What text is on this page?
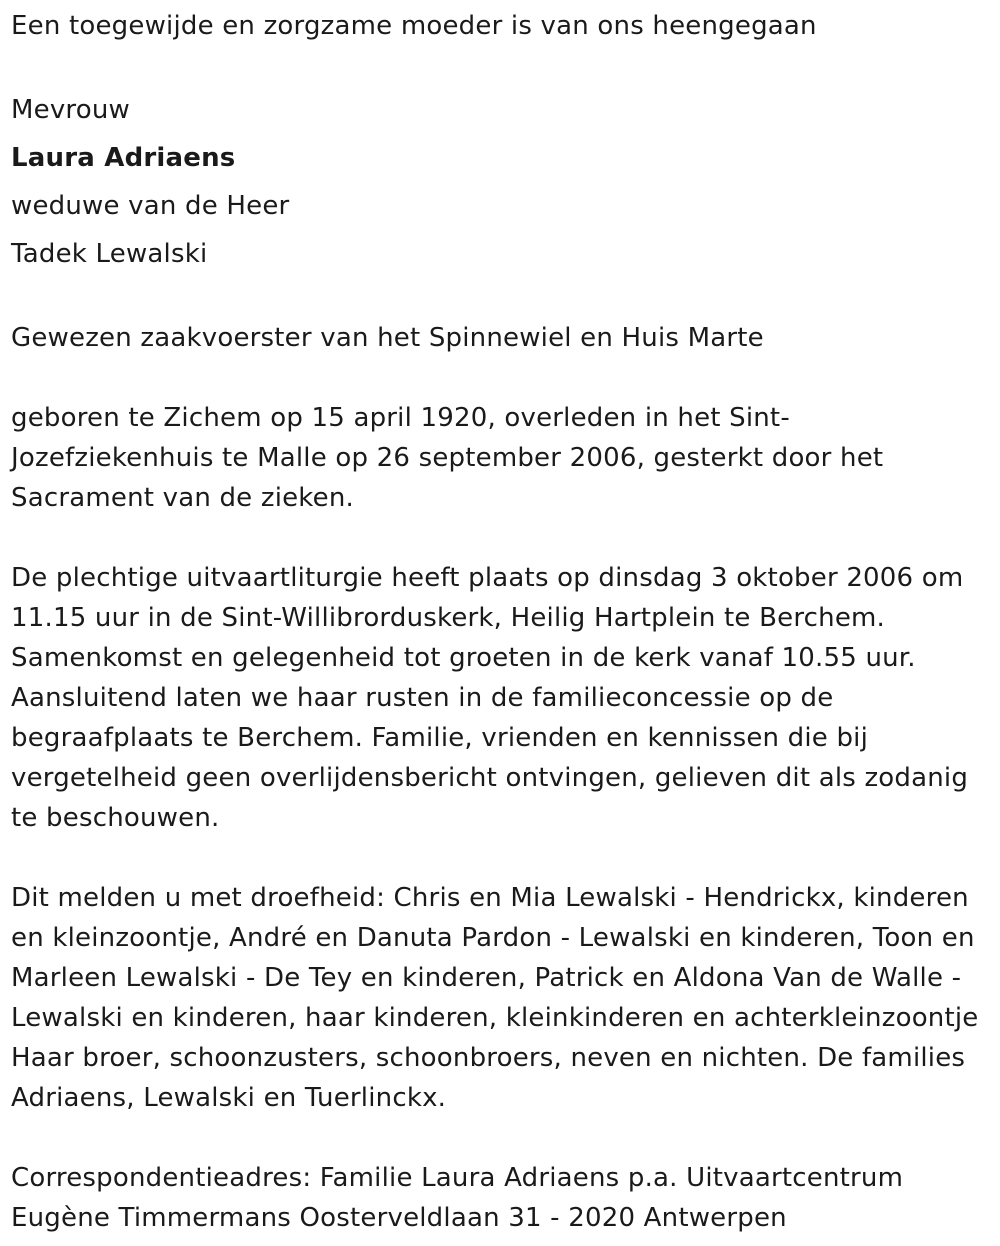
Een toegewijde en zorgzame moeder is van ons heengegaan

Mevrouw

Laura Adriaens

weduwe van de Heer

Tadek Lewalski

Gewezen zaakvoerster van het Spinnewiel en Huis Marte

geboren te Zichem op 15 april 1920, overleden in het Sint-Jozefziekenhuis te Malle op 26 september 2006, gesterkt door het Sacrament van de zieken.

De plechtige uitvaartliturgie heeft plaats op dinsdag 3 oktober 2006 om 11.15 uur in de Sint-Willibrorduskerk, Heilig Hartplein te Berchem. Samenkomst en gelegenheid tot groeten in de kerk vanaf 10.55 uur. Aansluitend laten we haar rusten in de familieconcessie op de begraafplaats te Berchem. Familie, vrienden en kennissen die bij vergetelheid geen overlijdensbericht ontvingen, gelieven dit als zodanig te beschouwen.

Dit melden u met droefheid: Chris en Mia Lewalski - Hendrickx, kinderen en kleinzoontje, André en Danuta Pardon - Lewalski en kinderen, Toon en Marleen Lewalski - De Tey en kinderen, Patrick en Aldona Van de Walle - Lewalski en kinderen, haar kinderen, kleinkinderen en achterkleinzoontje Haar broer, schoonzusters, schoonbroers, neven en nichten. De families Adriaens, Lewalski en Tuerlinckx.

Correspondentieadres: Familie Laura Adriaens p.a. Uitvaartcentrum Eugène Timmermans Oosterveldlaan 31 - 2020 Antwerpen
